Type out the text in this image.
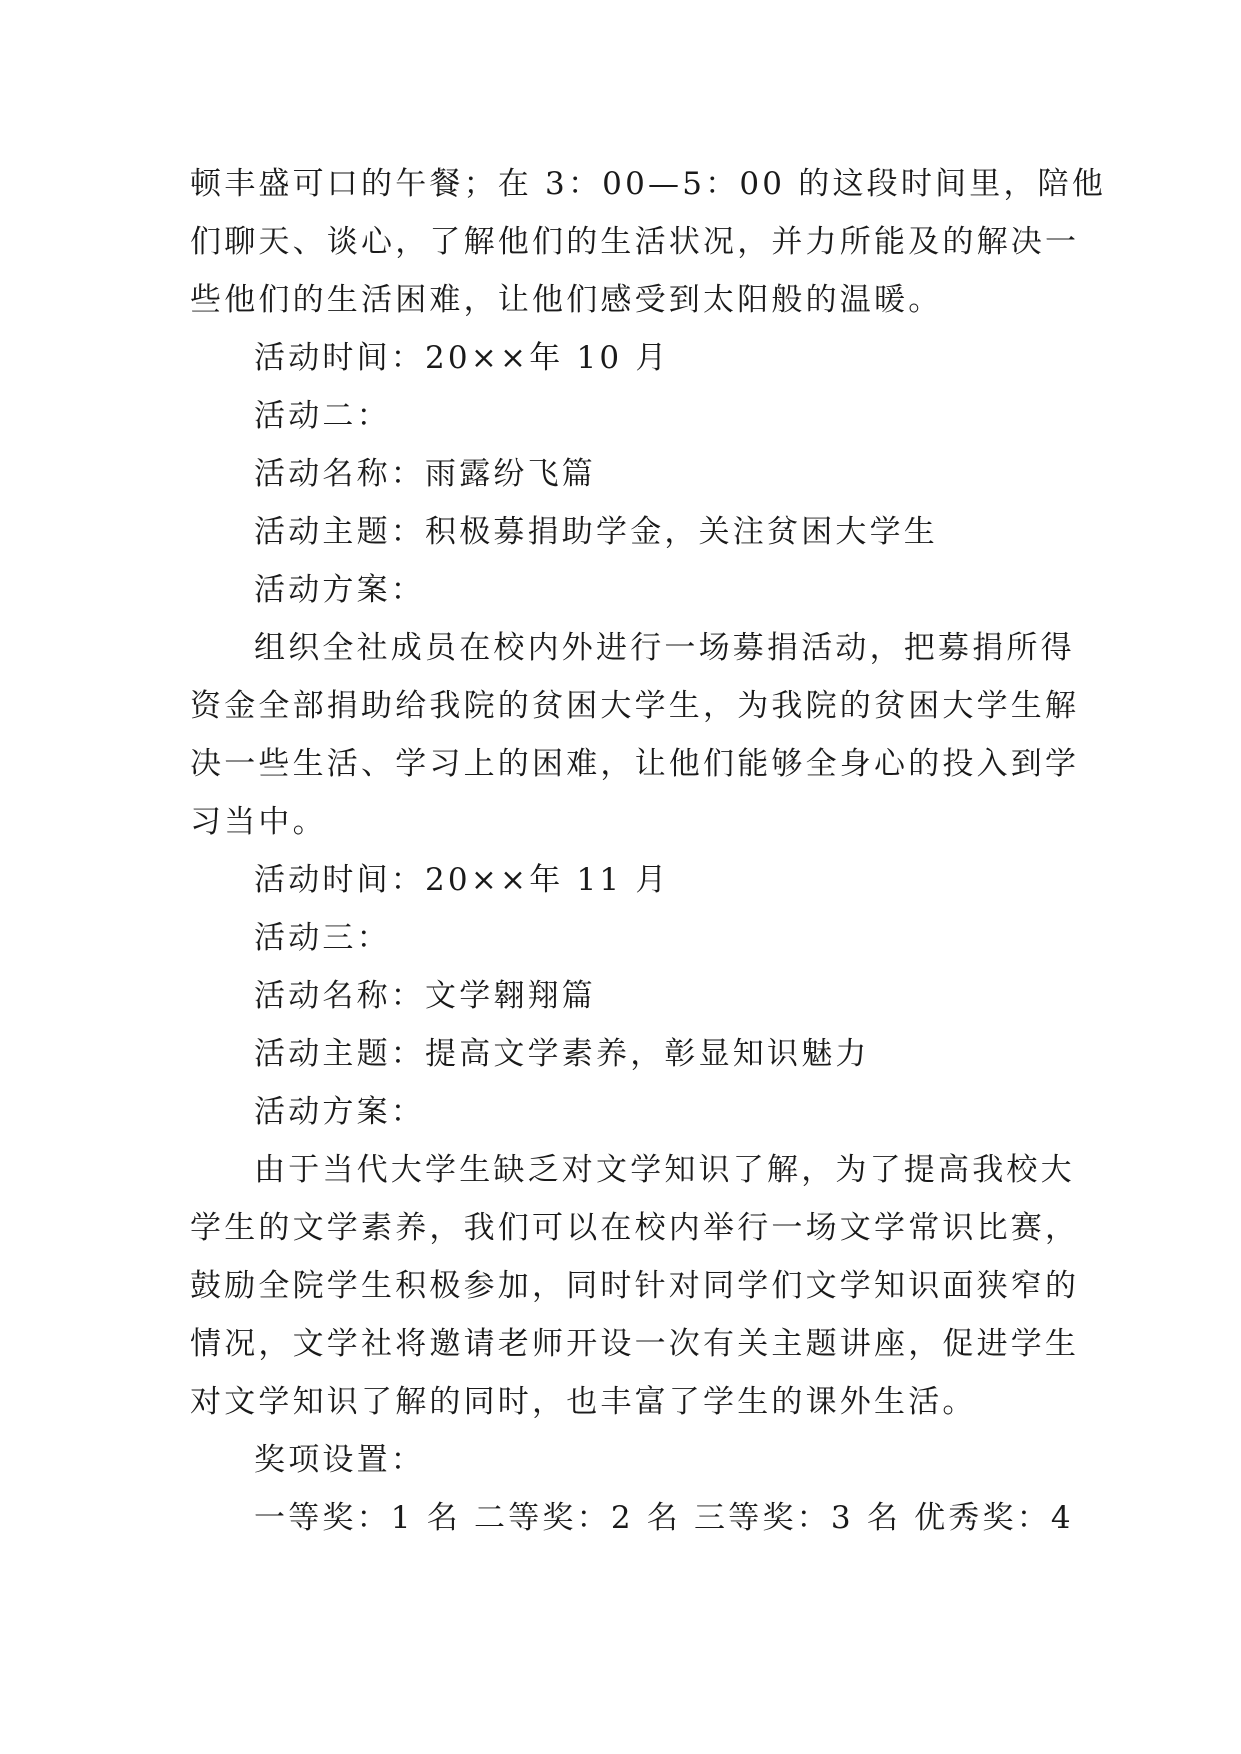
顿丰盛可口的午餐；在 3：00—5：00 的这段时间里，陪他
们聊天、谈心，了解他们的生活状况，并力所能及的解决一
些他们的生活困难，让他们感受到太阳般的温暖。
活动时间：20××年 10 月
活动二：
活动名称：雨露纷飞篇
活动主题：积极募捐助学金，关注贫困大学生
活动方案：
组织全社成员在校内外进行一场募捐活动，把募捐所得
资金全部捐助给我院的贫困大学生，为我院的贫困大学生解
决一些生活、学习上的困难，让他们能够全身心的投入到学
习当中。
活动时间：20××年 11 月
活动三：
活动名称：文学翱翔篇
活动主题：提高文学素养，彰显知识魅力
活动方案：
由于当代大学生缺乏对文学知识了解，为了提高我校大
学生的文学素养，我们可以在校内举行一场文学常识比赛，
鼓励全院学生积极参加，同时针对同学们文学知识面狭窄的
情况，文学社将邀请老师开设一次有关主题讲座，促进学生
对文学知识了解的同时，也丰富了学生的课外生活。
奖项设置：
一等奖：1 名 二等奖：2 名 三等奖：3 名 优秀奖：4
